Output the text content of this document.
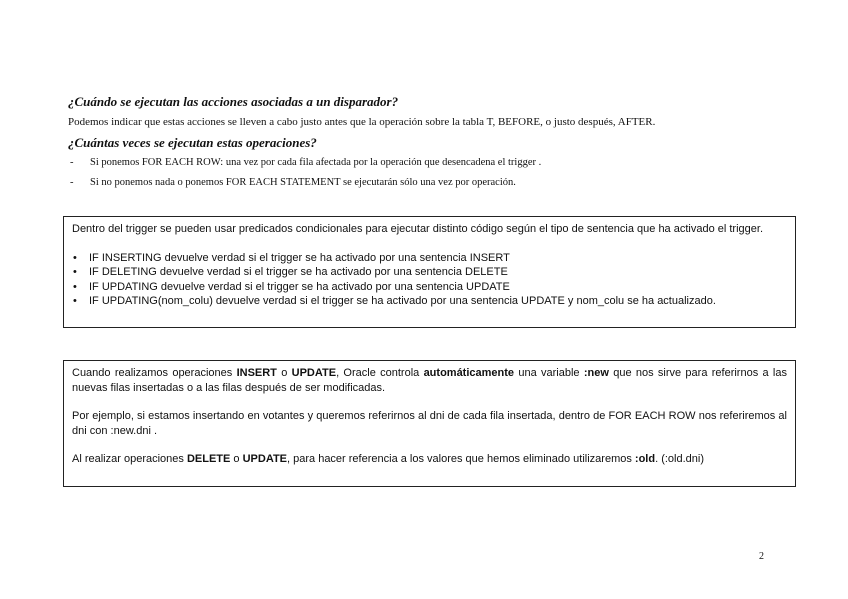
¿Cuándo se ejecutan las acciones asociadas a un disparador?
Podemos indicar que estas acciones se lleven a cabo justo antes que la operación sobre la tabla T, BEFORE, o justo después, AFTER.
¿Cuántas veces se ejecutan estas operaciones?
- Si ponemos FOR EACH ROW: una vez por cada fila afectada por la operación que desencadena el trigger .
- Si no ponemos nada o ponemos FOR EACH STATEMENT se ejecutarán sólo una vez por operación.

Dentro del trigger se pueden usar predicados condicionales para ejecutar distinto código según el tipo de sentencia que ha activado el trigger.

• IF INSERTING devuelve verdad si el trigger se ha activado por una sentencia INSERT
• IF DELETING devuelve verdad si el trigger se ha activado por una sentencia DELETE
• IF UPDATING devuelve verdad si el trigger se ha activado por una sentencia UPDATE
• IF UPDATING(nom_colu) devuelve verdad si el trigger se ha activado por una sentencia UPDATE y nom_colu se ha actualizado.

Cuando realizamos operaciones INSERT o UPDATE, Oracle controla automáticamente una variable :new que nos sirve para referirnos a las nuevas filas insertadas o a las filas después de ser modificadas.

Por ejemplo, si estamos insertando en votantes y queremos referirnos al dni de cada fila insertada, dentro de FOR EACH ROW nos referiremos al dni con :new.dni .

Al realizar operaciones DELETE o UPDATE, para hacer referencia a los valores que hemos eliminado utilizaremos :old. (:old.dni)

2
